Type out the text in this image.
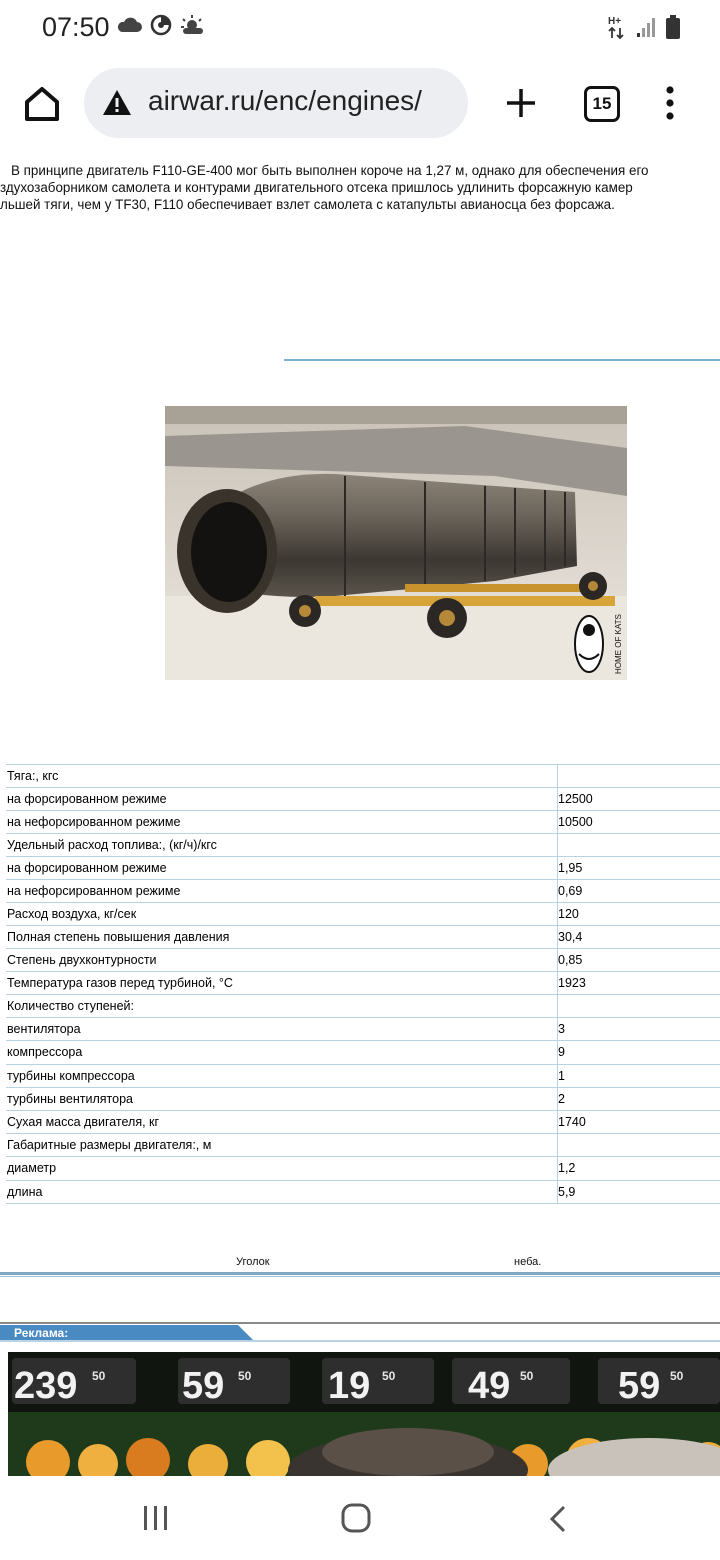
07:50	H+
airwar.ru/enc/engines/	15
В принципе двигатель F110-GE-400 мог быть выполнен короче на 1,27 м, однако для обеспечения его
здухозаборником самолета и контурами двигательного отсека пришлось удлинить форсажную камер
льшей тяги, чем у TF30, F110 обеспечивает взлет самолета с катапульты авианосца без форсажа.
HOME OF KATS
Тяга:, кгс
на форсированном режиме	12500
на нефорсированном режиме	10500
Удельный расход топлива:, (кг/ч)/кгс
на форсированном режиме	1,95
на нефорсированном режиме	0,69
Расход воздуха, кг/сек	120
Полная степень повышения давления	30,4
Степень двухконтурности	0,85
Температура газов перед турбиной, °С	1923
Количество ступеней:
вентилятора	3
компрессора	9
турбины компрессора	1
турбины вентилятора	2
Сухая масса двигателя, кг	1740
Габаритные размеры двигателя:, м
диаметр	1,2
длина	5,9
Уголок	неба.
Реклама:
239	59	19	49	59
50	50	50	50	50
